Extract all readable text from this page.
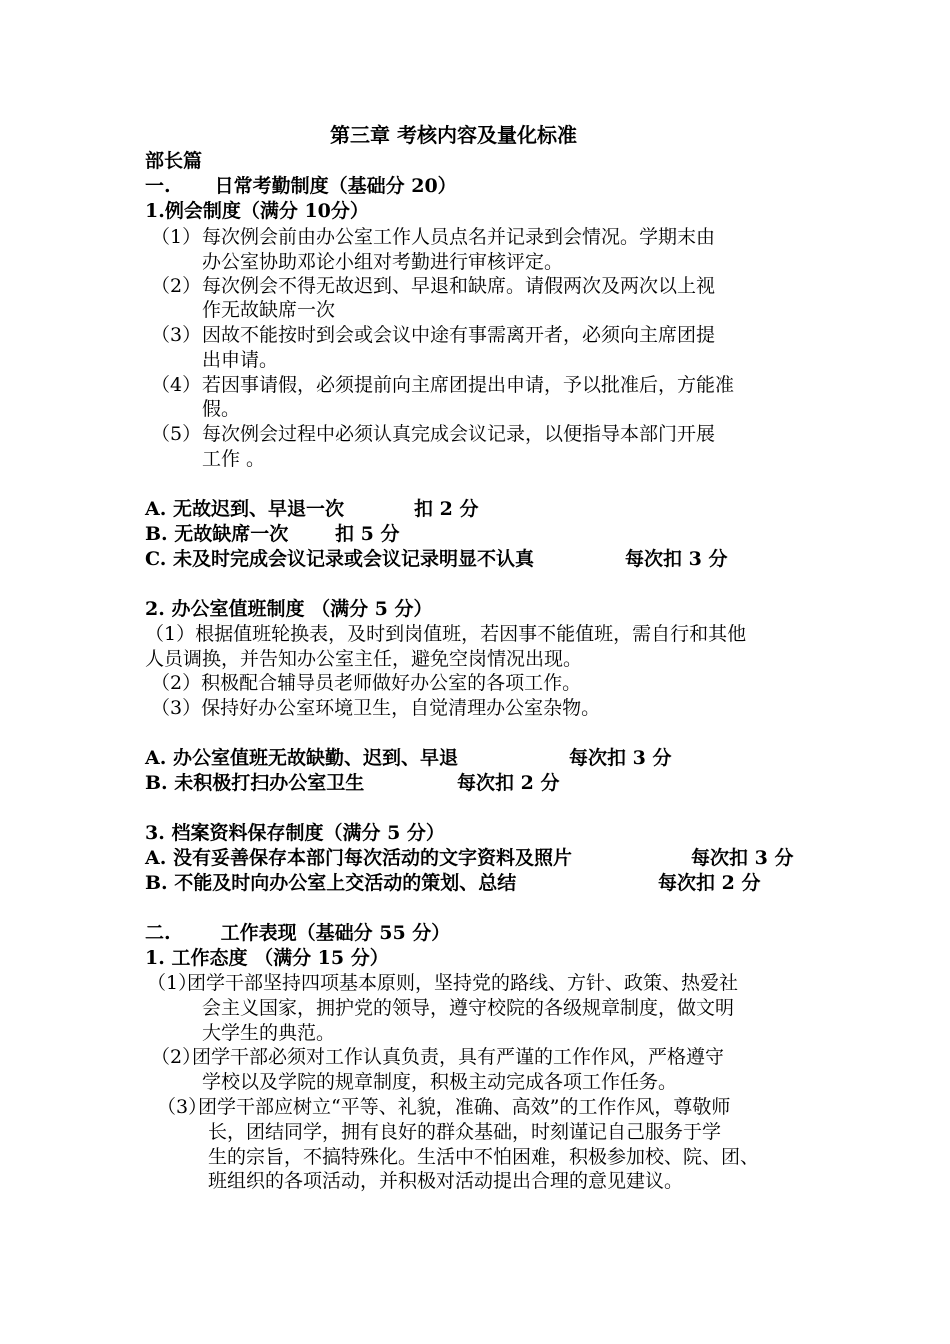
第三章 考核内容及量化标准
部长篇
一. 日常考勤制度（基础分 20）
1.例会制度（满分 10分）
（1） 每次例会前由办公室工作人员点名并记录到会情况。学期末由
办公室协助邓论小组对考勤进行审核评定。
（2） 每次例会不得无故迟到、早退和缺席。请假两次及两次以上视
作无故缺席一次
（3） 因故不能按时到会或会议中途有事需离开者，必须向主席团提
出申请。
（4） 若因事请假，必须提前向主席团提出申请，予以批准后，方能准
假。
（5） 每次例会过程中必须认真完成会议记录，以便指导本部门开展
工作 。
A. 无故迟到、早退一次	扣 2 分
B. 无故缺席一次 扣 5 分
C. 未及时完成会议记录或会议记录明显不认真	每次扣 3 分
2. 办公室值班制度 （满分 5 分）
（1）根据值班轮换表，及时到岗值班，若因事不能值班，需自行和其他
人员调换，并告知办公室主任，避免空岗情况出现。
（2）积极配合辅导员老师做好办公室的各项工作。
（3）保持好办公室环境卫生，自觉清理办公室杂物。
A. 办公室值班无故缺勤、迟到、早退	每次扣 3 分
B. 未积极打扫办公室卫生	每次扣 2 分
3. 档案资料保存制度（满分 5 分）
A. 没有妥善保存本部门每次活动的文字资料及照片	每次扣 3 分
B. 不能及时向办公室上交活动的策划、总结	每次扣 2 分
二.	工作表现（基础分 55 分）
1. 工作态度 （满分 15 分）
（1）
团学干部坚持四项基本原则，坚持党的路线、方针、政策、热爱社
会主义国家，拥护党的领导，遵守校院的各级规章制度，做文明
大学生的典范。
（2）
团学干部必须对工作认真负责，具有严谨的工作作风，严格遵守
学校以及学院的规章制度，积极主动完成各项工作任务。
（3）
团学干部应树立“平等、礼貌，准确、高效”的工作作风，尊敬师
长，团结同学，拥有良好的群众基础，时刻谨记自己服务于学
生的宗旨，不搞特殊化。生活中不怕困难，积极参加校、院、团、
班组织的各项活动，并积极对活动提出合理的意见建议。
